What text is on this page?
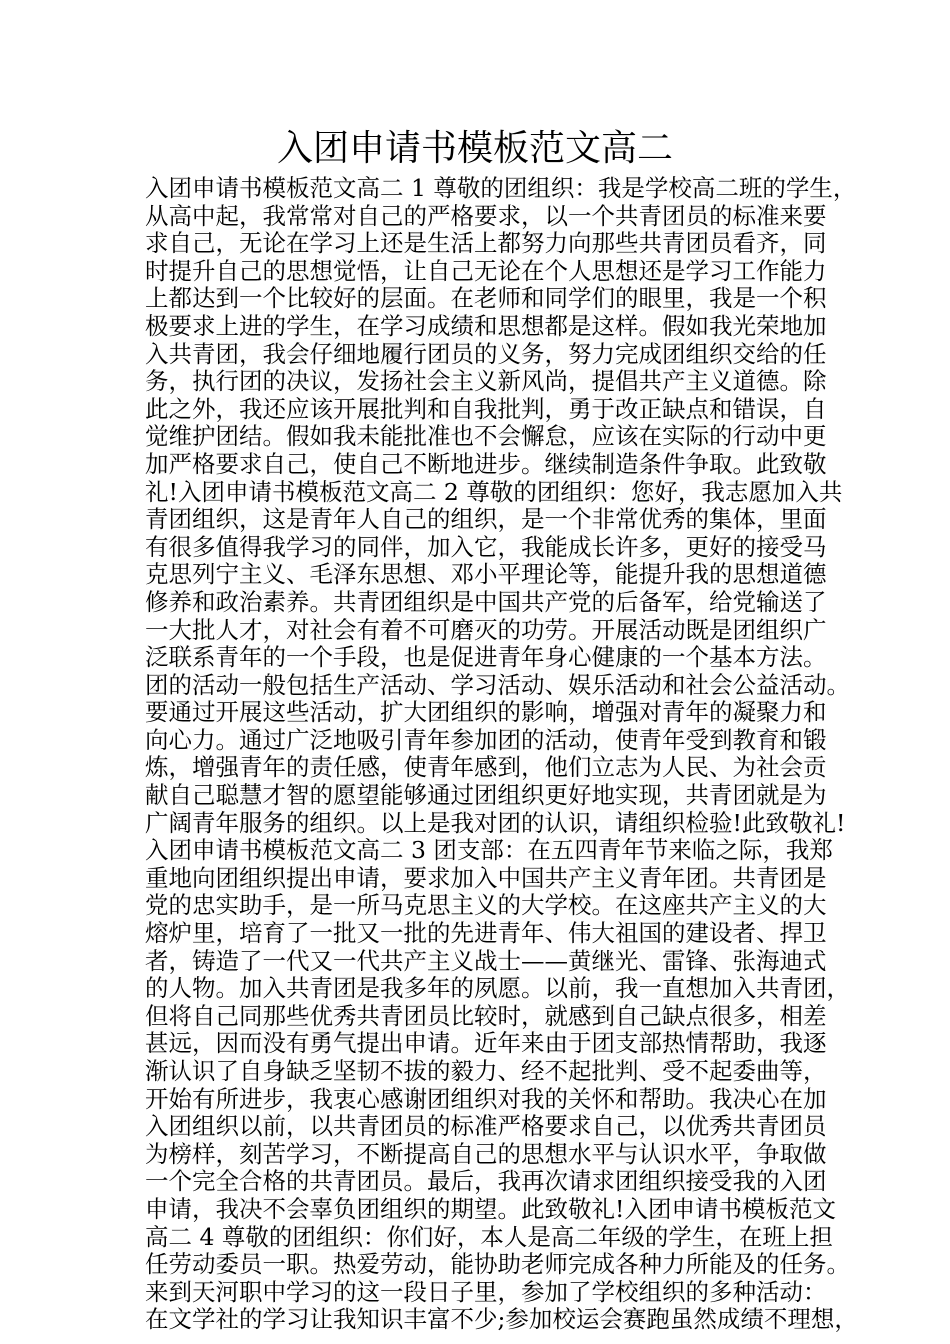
入团申请书模板范文高二
入团申请书模板范文高二 1 尊敬的团组织：我是学校高二班的学生，
从高中起，我常常对自己的严格要求，以一个共青团员的标准来要
求自己，无论在学习上还是生活上都努力向那些共青团员看齐，同
时提升自己的思想觉悟，让自己无论在个人思想还是学习工作能力
上都达到一个比较好的层面。在老师和同学们的眼里，我是一个积
极要求上进的学生，在学习成绩和思想都是这样。假如我光荣地加
入共青团，我会仔细地履行团员的义务，努力完成团组织交给的任
务，执行团的决议，发扬社会主义新风尚，提倡共产主义道德。除
此之外，我还应该开展批判和自我批判，勇于改正缺点和错误，自
觉维护团结。假如我未能批准也不会懈怠，应该在实际的行动中更
加严格要求自己，使自己不断地进步。继续制造条件争取。此致敬
礼!入团申请书模板范文高二 2 尊敬的团组织：您好，我志愿加入共
青团组织，这是青年人自己的组织，是一个非常优秀的集体，里面
有很多值得我学习的同伴，加入它，我能成长许多，更好的接受马
克思列宁主义、毛泽东思想、邓小平理论等，能提升我的思想道德
修养和政治素养。共青团组织是中国共产党的后备军，给党输送了
一大批人才，对社会有着不可磨灭的功劳。开展活动既是团组织广
泛联系青年的一个手段，也是促进青年身心健康的一个基本方法。
团的活动一般包括生产活动、学习活动、娱乐活动和社会公益活动。
要通过开展这些活动，扩大团组织的影响，增强对青年的凝聚力和
向心力。通过广泛地吸引青年参加团的活动，使青年受到教育和锻
炼，增强青年的责任感，使青年感到，他们立志为人民、为社会贡
献自己聪慧才智的愿望能够通过团组织更好地实现，共青团就是为
广阔青年服务的组织。以上是我对团的认识，请组织检验!此致敬礼!
入团申请书模板范文高二 3 团支部：在五四青年节来临之际，我郑
重地向团组织提出申请，要求加入中国共产主义青年团。共青团是
党的忠实助手，是一所马克思主义的大学校。在这座共产主义的大
熔炉里，培育了一批又一批的先进青年、伟大祖国的建设者、捍卫
者，铸造了一代又一代共产主义战士——黄继光、雷锋、张海迪式
的人物。加入共青团是我多年的夙愿。以前，我一直想加入共青团，
但将自己同那些优秀共青团员比较时，就感到自己缺点很多，相差
甚远，因而没有勇气提出申请。近年来由于团支部热情帮助，我逐
渐认识了自身缺乏坚韧不拔的毅力、经不起批判、受不起委曲等，
开始有所进步，我衷心感谢团组织对我的关怀和帮助。我决心在加
入团组织以前，以共青团员的标准严格要求自己，以优秀共青团员
为榜样，刻苦学习，不断提高自己的思想水平与认识水平，争取做
一个完全合格的共青团员。最后，我再次请求团组织接受我的入团
申请，我决不会辜负团组织的期望。此致敬礼!入团申请书模板范文
高二 4 尊敬的团组织：你们好，本人是高二年级的学生，在班上担
任劳动委员一职。热爱劳动，能协助老师完成各种力所能及的任务。
来到天河职中学习的这一段日子里，参加了学校组织的多种活动：
在文学社的学习让我知识丰富不少;参加校运会赛跑虽然成绩不理想，
